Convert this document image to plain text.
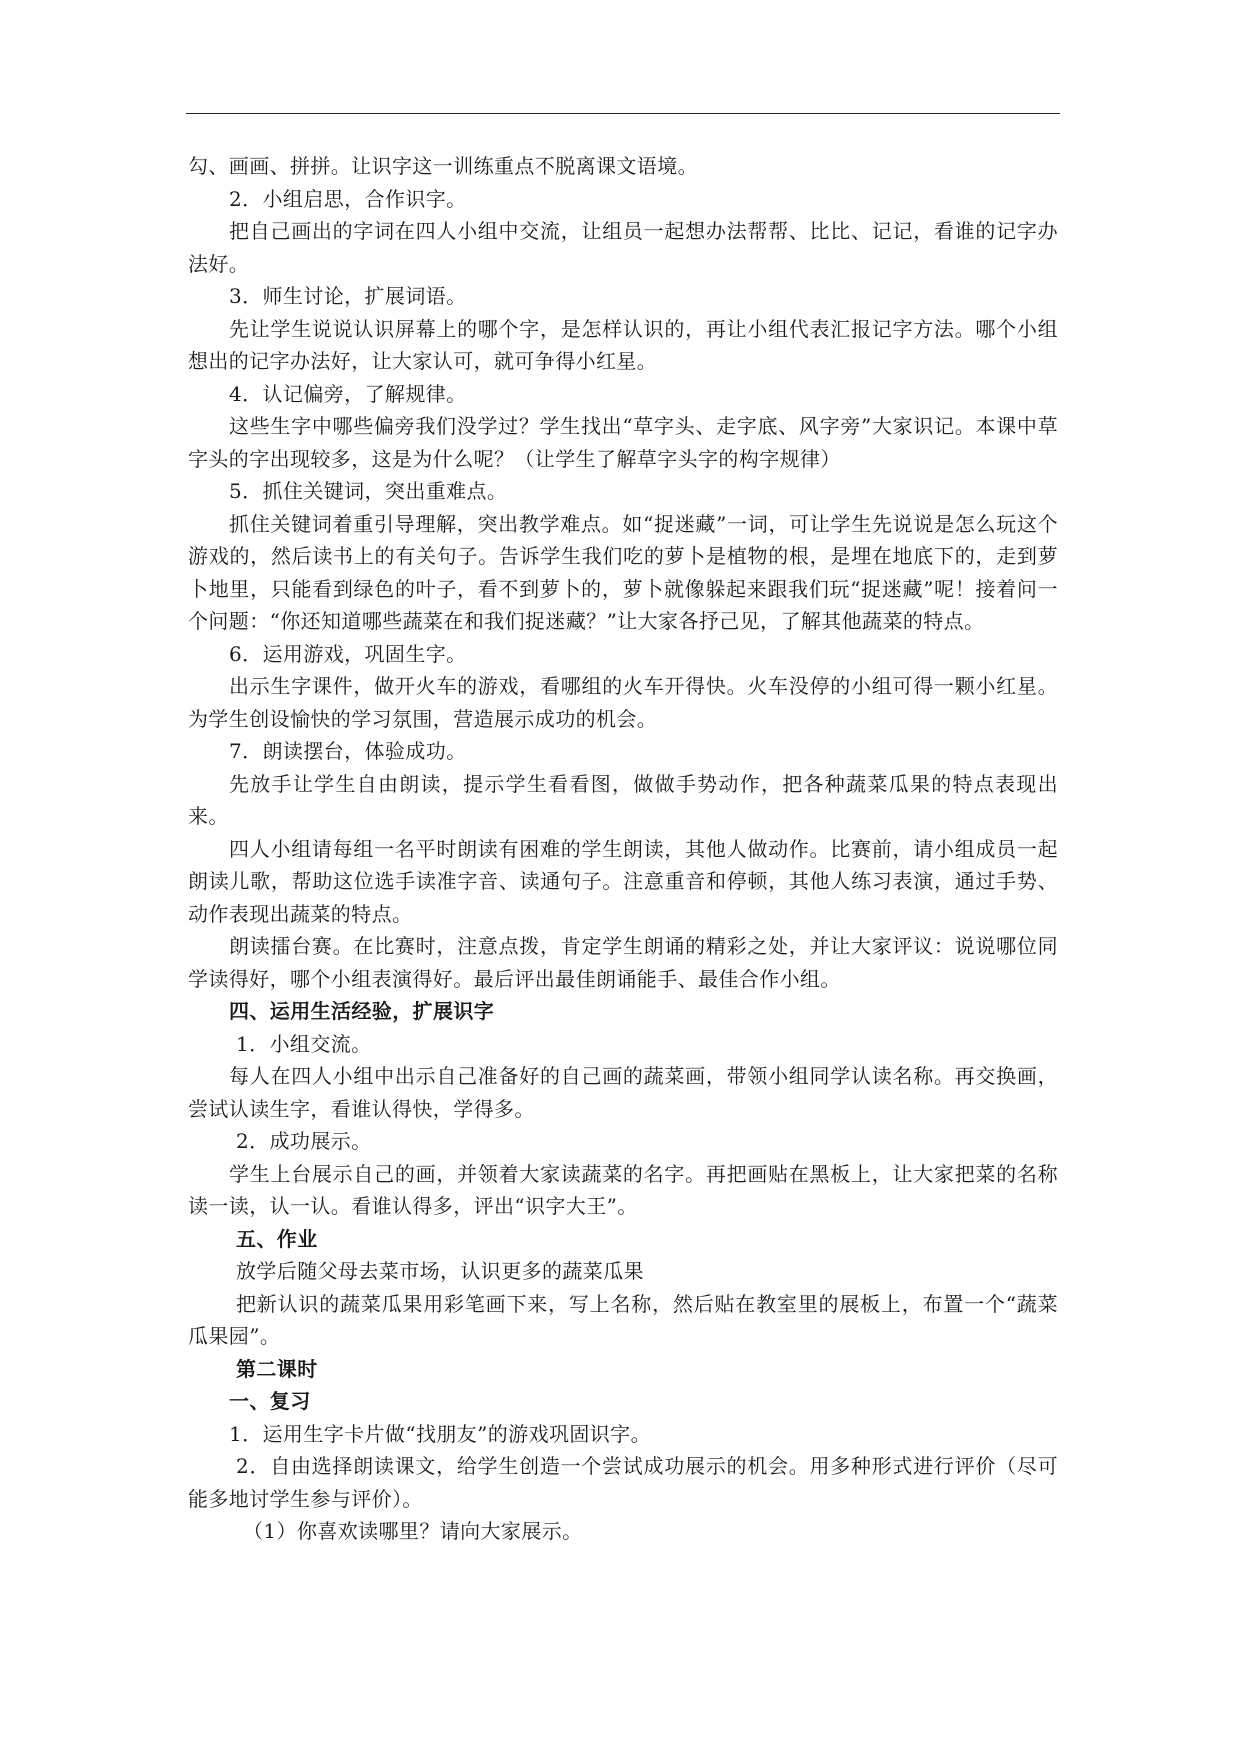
勾、画画、拼拼。让识字这一训练重点不脱离课文语境。

2．小组启思，合作识字。

把自己画出的字词在四人小组中交流，让组员一起想办法帮帮、比比、记记，看谁的记字办法好。

3．师生讨论，扩展词语。

先让学生说说认识屏幕上的哪个字，是怎样认识的，再让小组代表汇报记字方法。哪个小组想出的记字办法好，让大家认可，就可争得小红星。

4．认记偏旁，了解规律。

这些生字中哪些偏旁我们没学过？学生找出“草字头、走字底、风字旁”大家识记。本课中草字头的字出现较多，这是为什么呢？（让学生了解草字头字的构字规律）

5．抓住关键词，突出重难点。

抓住关键词着重引导理解，突出教学难点。如“捉迷藏”一词，可让学生先说说是怎么玩这个游戏的，然后读书上的有关句子。告诉学生我们吃的萝卜是植物的根，是埋在地底下的，走到萝卜地里，只能看到绿色的叶子，看不到萝卜的，萝卜就像躲起来跟我们玩“捉迷藏”呢！接着问一个问题：“你还知道哪些蔬菜在和我们捉迷藏？”让大家各抒己见，了解其他蔬菜的特点。

6．运用游戏，巩固生字。

出示生字课件，做开火车的游戏，看哪组的火车开得快。火车没停的小组可得一颗小红星。为学生创设愉快的学习氛围，营造展示成功的机会。

7．朗读摆台，体验成功。

先放手让学生自由朗读，提示学生看看图，做做手势动作，把各种蔬菜瓜果的特点表现出来。

四人小组请每组一名平时朗读有困难的学生朗读，其他人做动作。比赛前，请小组成员一起朗读儿歌，帮助这位选手读准字音、读通句子。注意重音和停顿，其他人练习表演，通过手势、动作表现出蔬菜的特点。

朗读擂台赛。在比赛时，注意点拨，肯定学生朗诵的精彩之处，并让大家评议：说说哪位同学读得好，哪个小组表演得好。最后评出最佳朗诵能手、最佳合作小组。

四、运用生活经验，扩展识字

1．小组交流。

每人在四人小组中出示自己准备好的自己画的蔬菜画，带领小组同学认读名称。再交换画，尝试认读生字，看谁认得快，学得多。

2．成功展示。

学生上台展示自己的画，并领着大家读蔬菜的名字。再把画贴在黑板上，让大家把菜的名称读一读，认一认。看谁认得多，评出“识字大王”。

五、作业

放学后随父母去菜市场，认识更多的蔬菜瓜果

把新认识的蔬菜瓜果用彩笔画下来，写上名称，然后贴在教室里的展板上，布置一个“蔬菜瓜果园”。

第二课时

一、复习

1．运用生字卡片做“找朋友”的游戏巩固识字。

2．自由选择朗读课文，给学生创造一个尝试成功展示的机会。用多种形式进行评价（尽可能多地讨学生参与评价）。

（1）你喜欢读哪里？请向大家展示。
